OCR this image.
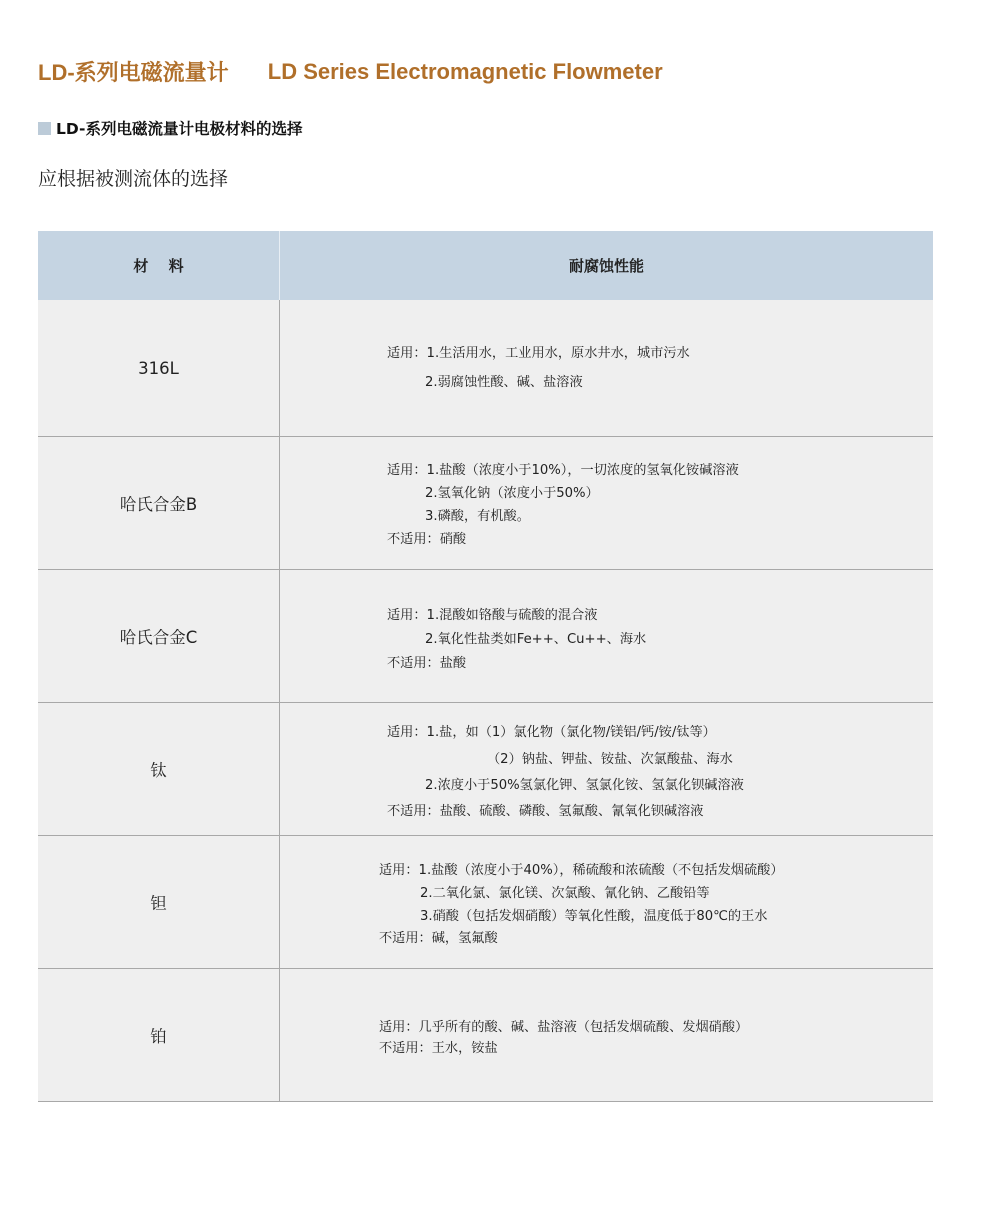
LD-系列电磁流量计 LD Series Electromagnetic Flowmeter
LD-系列电磁流量计电极材料的选择
应根据被测流体的选择
材　 料	耐腐蚀性能
316L
适用：1.生活用水，工业用水，原水井水，城市污水
2.弱腐蚀性酸、碱、盐溶液
哈氏合金B
适用：1.盐酸（浓度小于10%），一切浓度的氢氧化铵碱溶液
2.氢氧化钠（浓度小于50%）
3.磷酸，有机酸。
不适用：硝酸
哈氏合金C
适用：1.混酸如铬酸与硫酸的混合液
2.氧化性盐类如Fe++、Cu++、海水
不适用：盐酸
钛
适用：1.盐，如（1）氯化物（氯化物/镁铝/钙/铵/钛等）
（2）钠盐、钾盐、铵盐、次氯酸盐、海水
2.浓度小于50%氢氯化钾、氢氯化铵、氢氯化钡碱溶液
不适用：盐酸、硫酸、磷酸、氢氟酸、氰氧化钡碱溶液
钽
适用：1.盐酸（浓度小于40%），稀硫酸和浓硫酸（不包括发烟硫酸）
2.二氧化氯、氯化镁、次氯酸、氰化钠、乙酸铅等
3.硝酸（包括发烟硝酸）等氧化性酸，温度低于80℃的王水
不适用：碱，氢氟酸
铂	适用：几乎所有的酸、碱、盐溶液（包括发烟硫酸、发烟硝酸）
不适用：王水，铵盐
